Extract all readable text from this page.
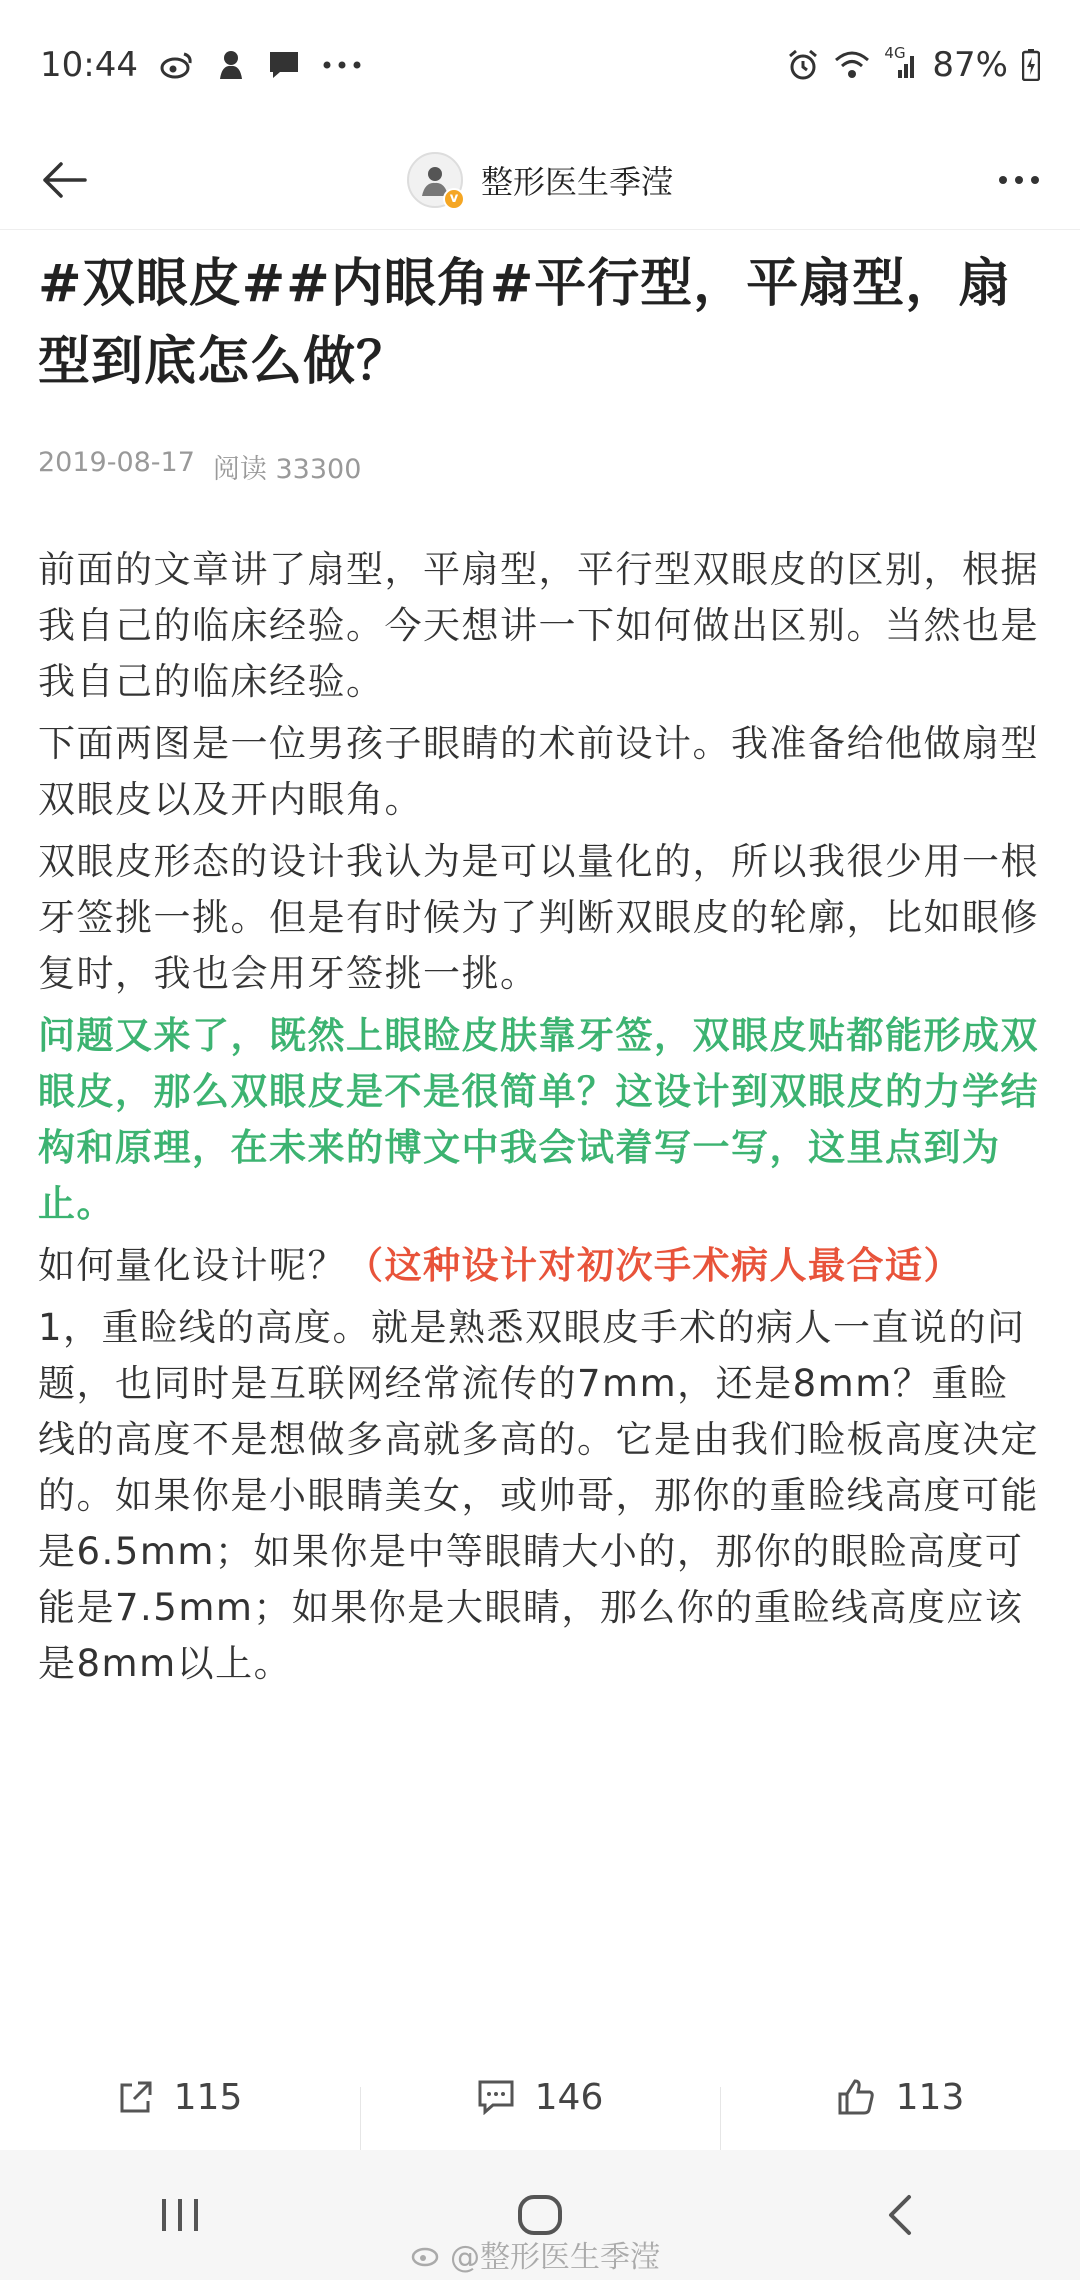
10:44	4G 87%
v 整形医生季滢
#双眼皮##内眼角#平行型，平扇型，扇型到底怎么做？
2019-08-17 阅读 33300

前面的文章讲了扇型，平扇型，平行型双眼皮的区别，根据我自己的临床经验。今天想讲一下如何做出区别。当然也是我自己的临床经验。

下面两图是一位男孩子眼睛的术前设计。我准备给他做扇型双眼皮以及开内眼角。

双眼皮形态的设计我认为是可以量化的，所以我很少用一根牙签挑一挑。但是有时候为了判断双眼皮的轮廓，比如眼修复时，我也会用牙签挑一挑。

问题又来了，既然上眼睑皮肤靠牙签，双眼皮贴都能形成双眼皮，那么双眼皮是不是很简单？这设计到双眼皮的力学结构和原理，在未来的博文中我会试着写一写，这里点到为止。

如何量化设计呢？（这种设计对初次手术病人最合适）

1，重睑线的高度。就是熟悉双眼皮手术的病人一直说的问题，也同时是互联网经常流传的7mm，还是8mm？重睑线的高度不是想做多高就多高的。它是由我们睑板高度决定的。如果你是小眼睛美女，或帅哥，那你的重睑线高度可能是6.5mm；如果你是中等眼睛大小的，那你的眼睑高度可能是7.5mm；如果你是大眼睛，那么你的重睑线高度应该是8mm以上。

115	146	113
@整形医生季滢
